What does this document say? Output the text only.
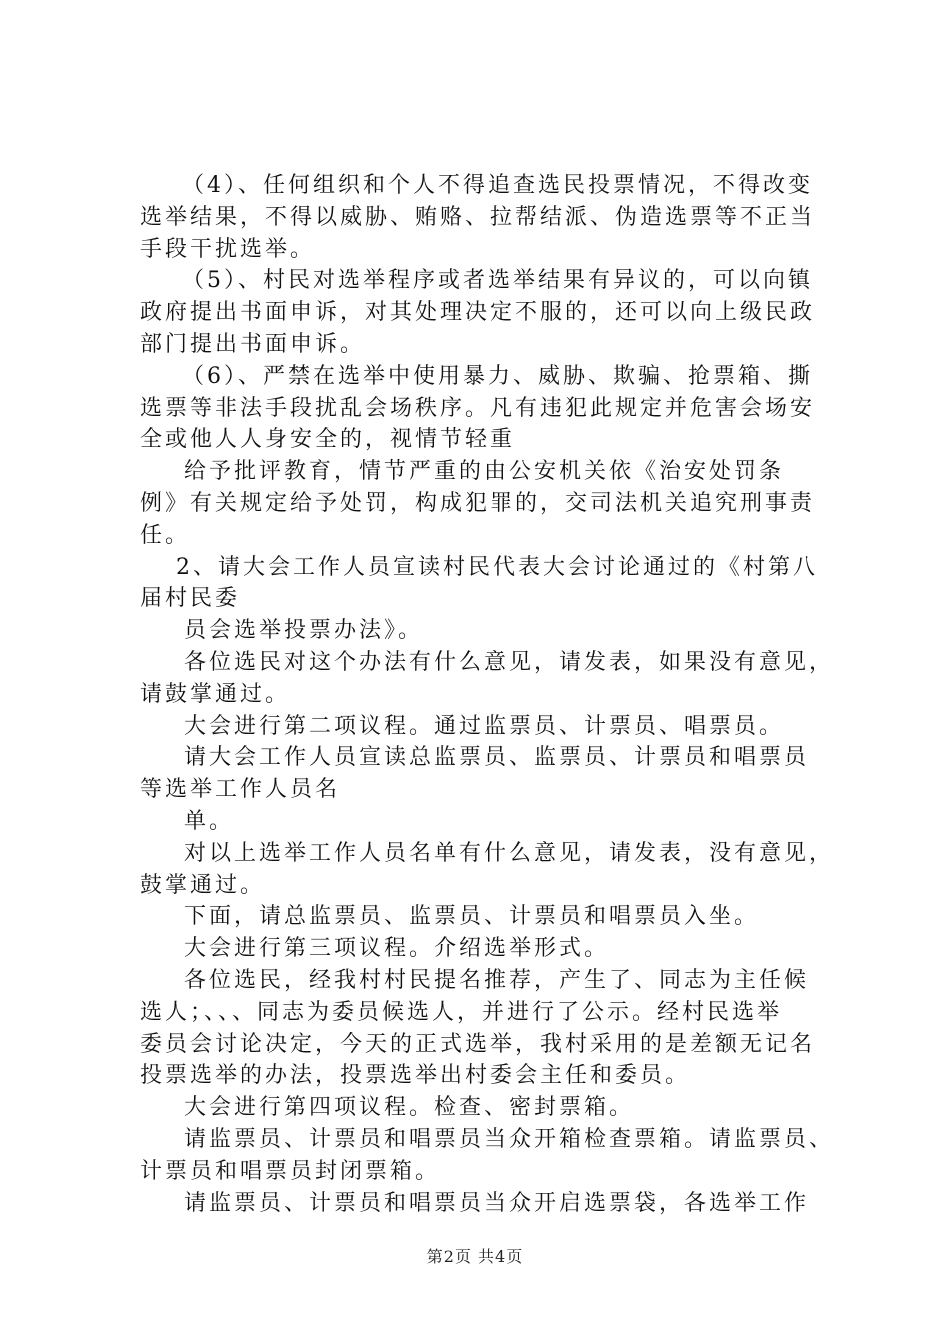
（4）、任何组织和个人不得追查选民投票情况，不得改变
选举结果，不得以威胁、贿赂、拉帮结派、伪造选票等不正当
手段干扰选举。
（5）、村民对选举程序或者选举结果有异议的，可以向镇
政府提出书面申诉，对其处理决定不服的，还可以向上级民政
部门提出书面申诉。
（6）、严禁在选举中使用暴力、威胁、欺骗、抢票箱、撕
选票等非法手段扰乱会场秩序。凡有违犯此规定并危害会场安
全或他人人身安全的，视情节轻重
给予批评教育，情节严重的由公安机关依《治安处罚条
例》有关规定给予处罚，构成犯罪的，交司法机关追究刑事责
任。
2、请大会工作人员宣读村民代表大会讨论通过的《村第八
届村民委
员会选举投票办法》。
各位选民对这个办法有什么意见，请发表，如果没有意见，
请鼓掌通过。
大会进行第二项议程。通过监票员、计票员、唱票员。
请大会工作人员宣读总监票员、监票员、计票员和唱票员
等选举工作人员名
单。
对以上选举工作人员名单有什么意见，请发表，没有意见，
鼓掌通过。
下面，请总监票员、监票员、计票员和唱票员入坐。
大会进行第三项议程。介绍选举形式。
各位选民，经我村村民提名推荐，产生了、同志为主任候
选人；、、、同志为委员候选人，并进行了公示。经村民选举
委员会讨论决定，今天的正式选举，我村采用的是差额无记名
投票选举的办法，投票选举出村委会主任和委员。
大会进行第四项议程。检查、密封票箱。
请监票员、计票员和唱票员当众开箱检查票箱。请监票员、
计票员和唱票员封闭票箱。
请监票员、计票员和唱票员当众开启选票袋，各选举工作
第2页 共4页
